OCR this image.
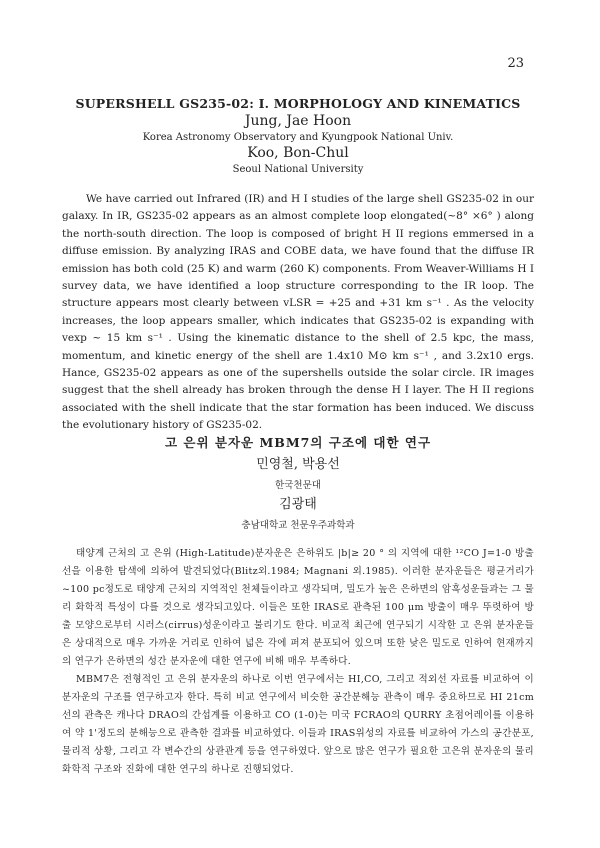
23
SUPERSHELL GS235-02: I. MORPHOLOGY AND KINEMATICS

Jung, Jae Hoon

Korea Astronomy Observatory and Kyungpook National Univ.

Koo, Bon-Chul

Seoul National University

We have carried out Infrared (IR) and H I studies of the large shell GS235-02 in our galaxy. In IR, GS235-02 appears as an almost complete loop elongated(~8° ×6° ) along the north-south direction. The loop is composed of bright H II regions emmersed in a diffuse emission. By analyzing IRAS and COBE data, we have found that the diffuse IR emission has both cold (25 K) and warm (260 K) components. From Weaver-Williams H I survey data, we have identified a loop structure corresponding to the IR loop. The structure appears most clearly between vLSR = +25 and +31 km s⁻¹ . As the velocity increases, the loop appears smaller, which indicates that GS235-02 is expanding with vexp ~ 15 km s⁻¹ . Using the kinematic distance to the shell of 2.5 kpc, the mass, momentum, and kinetic energy of the shell are 1.4x10 M⊙ km s⁻¹ , and 3.2x10 ergs. Hance, GS235-02 appears as one of the supershells outside the solar circle. IR images suggest that the shell already has broken through the dense H I layer. The H II regions associated with the shell indicate that the star formation has been induced. We discuss the evolutionary history of GS235-02.

고 은위 분자운 MBM7의 구조에 대한 연구

민영철, 박용선

한국천문대

김광태

충남대학교 천문우주과학과

태양계 근처의 고 은위 (High-Latitude)분자운은 은하위도 |b|≥ 20 ° 의 지역에 대한 ¹²CO J=1-0 방출선을 이용한 탐색에 의하여 발견되었다(Blitz외.1984; Magnani 외.1985). 이러한 분자운들은 평균거리가 ~100 pc정도로 태양계 근처의 지역적인 천체들이라고 생각되며, 밀도가 높은 은하면의 암흑성운들과는 그 물리 화학적 특성이 다를 것으로 생각되고있다. 이들은 또한 IRAS로 관측된 100 μm 방출이 매우 뚜렷하여 방출 모양으로부터 시러스(cirrus)성운이라고 불리기도 한다. 비교적 최근에 연구되기 시작한 고 은위 분자운들은 상대적으로 매우 가까운 거리로 인하여 넓은 각에 퍼져 분포되어 있으며 또한 낮은 밀도로 인하여 현재까지의 연구가 은하면의 성간 분자운에 대한 연구에 비해 매우 부족하다.

MBM7은 전형적인 고 은위 분자운의 하나로 이번 연구에서는 HI,CO, 그리고 적외선 자료를 비교하여 이 분자운의 구조를 연구하고자 한다. 특히 비교 연구에서 비슷한 공간분해능 관측이 매우 중요하므로 HI 21cm선의 관측은 캐나다 DRAO의 간섭계를 이용하고 CO (1-0)는 미국 FCRAO의 QURRY 초점어레이를 이용하여 약 1'정도의 분해능으로 관측한 결과를 비교하였다. 이들과 IRAS위성의 자료를 비교하여 가스의 공간분포, 물리적 상황, 그리고 각 변수간의 상관관계 등을 연구하였다. 앞으로 많은 연구가 필요한 고은위 분자운의 물리 화학적 구조와 진화에 대한 연구의 하나로 진행되었다.
